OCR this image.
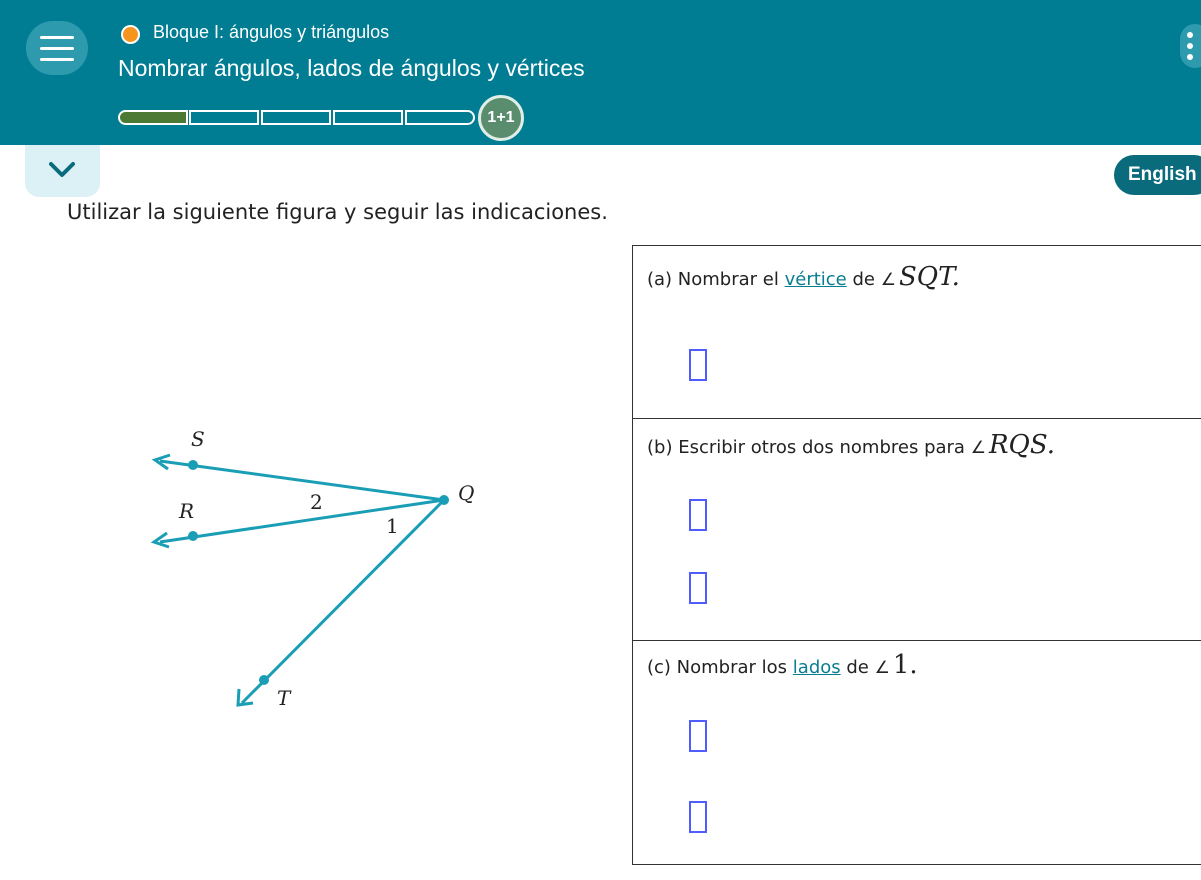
Bloque I: ángulos y triángulos
Nombrar ángulos, lados de ángulos y vértices
1+1
English
Utilizar la siguiente figura y seguir las indicaciones.
S
R
Q
T
2
1
(a) Nombrar el vértice de ∠ SQT.
(b) Escribir otros dos nombres para ∠ RQS.
(c) Nombrar los lados de ∠ 1.
